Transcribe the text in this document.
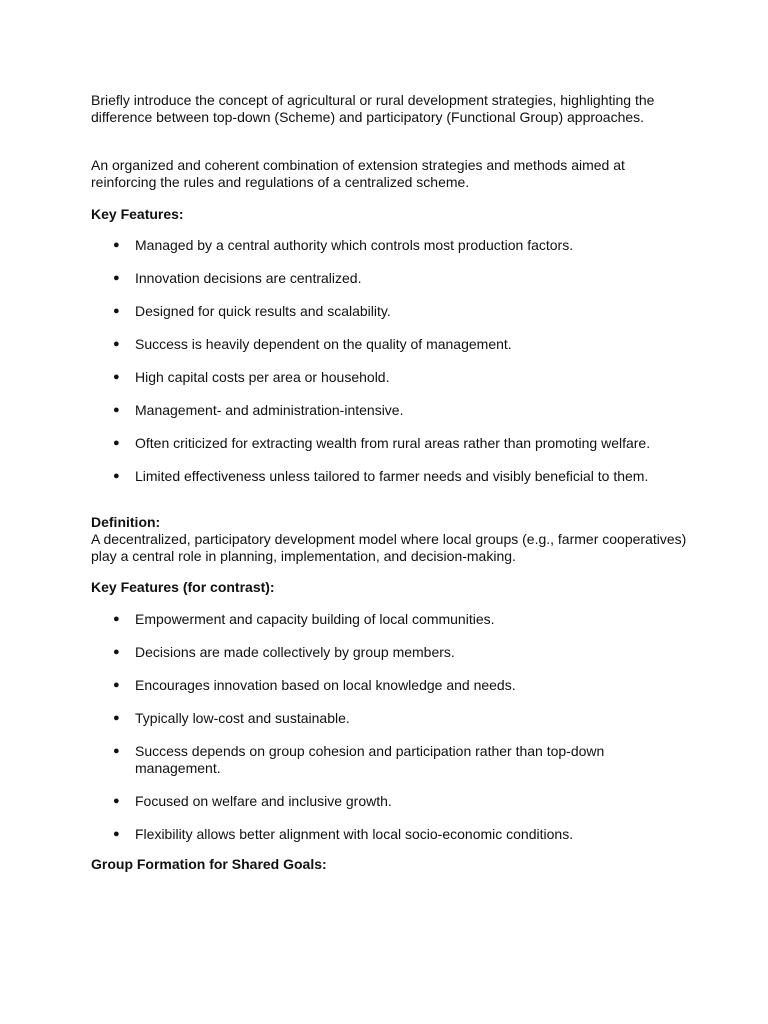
Briefly introduce the concept of agricultural or rural development strategies, highlighting the difference between top-down (Scheme) and participatory (Functional Group) approaches.

An organized and coherent combination of extension strategies and methods aimed at reinforcing the rules and regulations of a centralized scheme.

Key Features:

● Managed by a central authority which controls most production factors.
● Innovation decisions are centralized.
● Designed for quick results and scalability.
● Success is heavily dependent on the quality of management.
● High capital costs per area or household.
● Management- and administration-intensive.
● Often criticized for extracting wealth from rural areas rather than promoting welfare.
● Limited effectiveness unless tailored to farmer needs and visibly beneficial to them.

Definition:

A decentralized, participatory development model where local groups (e.g., farmer cooperatives) play a central role in planning, implementation, and decision-making.

Key Features (for contrast):

● Empowerment and capacity building of local communities.
● Decisions are made collectively by group members.
● Encourages innovation based on local knowledge and needs.
● Typically low-cost and sustainable.
● Success depends on group cohesion and participation rather than top-down management.
● Focused on welfare and inclusive growth.
● Flexibility allows better alignment with local socio-economic conditions.

Group Formation for Shared Goals:
